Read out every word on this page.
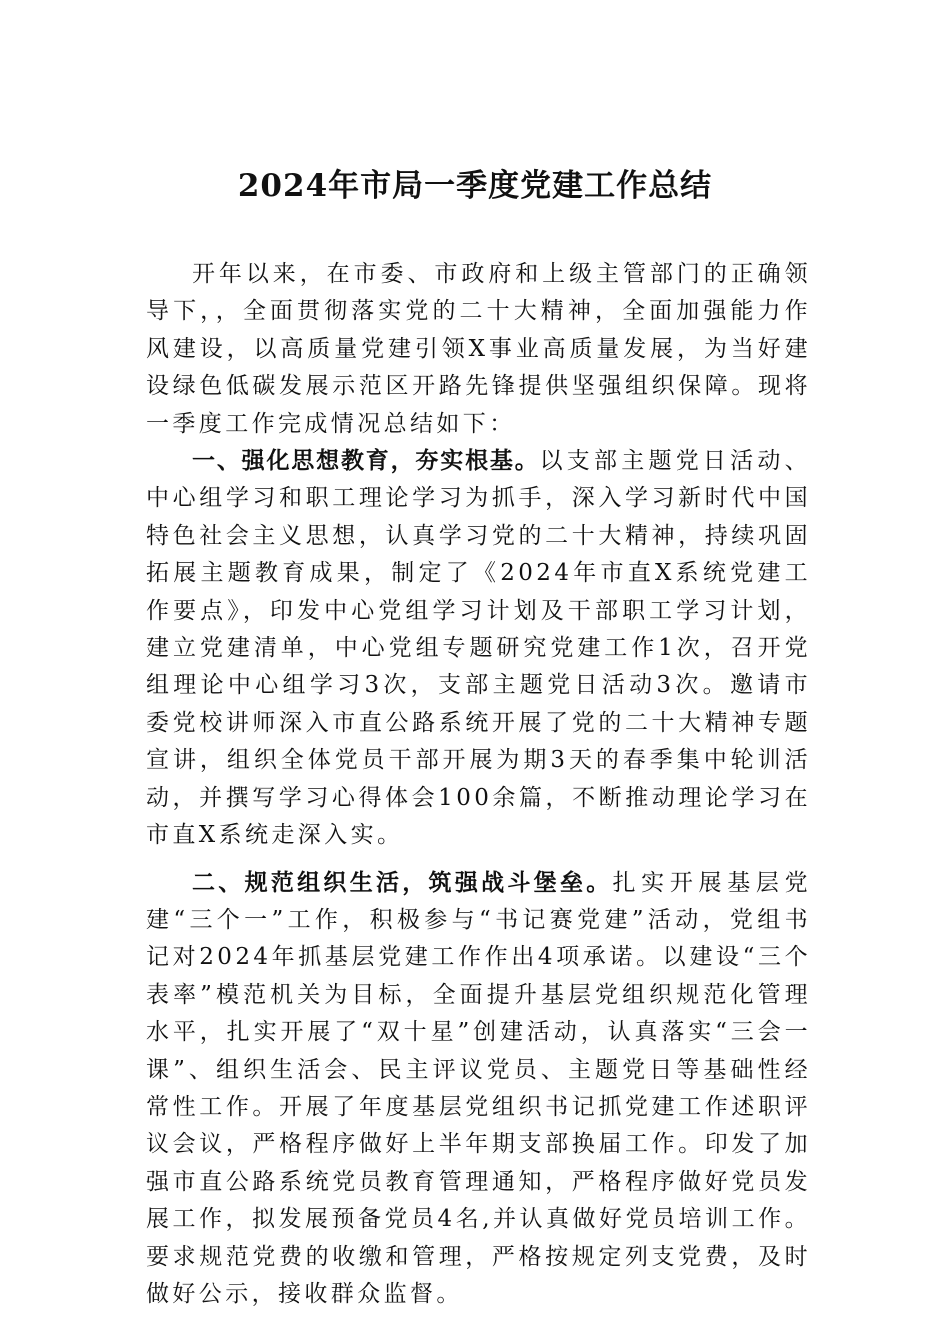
2024年市局一季度党建工作总结

开年以来，在市委、市政府和上级主管部门的正确领导下，，全面贯彻落实党的二十大精神，全面加强能力作风建设，以高质量党建引领X事业高质量发展，为当好建设绿色低碳发展示范区开路先锋提供坚强组织保障。现将一季度工作完成情况总结如下：

一、强化思想教育，夯实根基。以支部主题党日活动、中心组学习和职工理论学习为抓手，深入学习新时代中国特色社会主义思想，认真学习党的二十大精神，持续巩固拓展主题教育成果，制定了《2024年市直X系统党建工作要点》，印发中心党组学习计划及干部职工学习计划，建立党建清单，中心党组专题研究党建工作1次，召开党组理论中心组学习3次，支部主题党日活动3次。邀请市委党校讲师深入市直公路系统开展了党的二十大精神专题宣讲，组织全体党员干部开展为期3天的春季集中轮训活动，并撰写学习心得体会100余篇，不断推动理论学习在市直X系统走深入实。

二、规范组织生活，筑强战斗堡垒。扎实开展基层党建“三个一”工作，积极参与“书记赛党建”活动，党组书记对2024年抓基层党建工作作出4项承诺。以建设“三个表率”模范机关为目标，全面提升基层党组织规范化管理水平，扎实开展了“双十星”创建活动，认真落实“三会一课”、组织生活会、民主评议党员、主题党日等基础性经常性工作。开展了年度基层党组织书记抓党建工作述职评议会议，严格程序做好上半年期支部换届工作。印发了加强市直公路系统党员教育管理通知，严格程序做好党员发展工作，拟发展预备党员4名,并认真做好党员培训工作。要求规范党费的收缴和管理，严格按规定列支党费，及时做好公示，接收群众监督。
